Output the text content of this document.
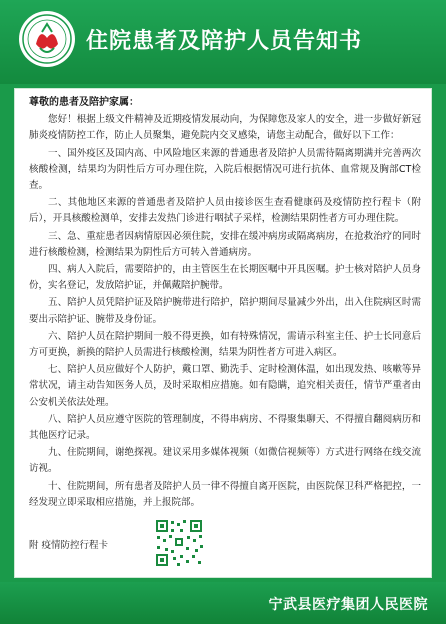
住院患者及陪护人员告知书
尊敬的患者及陪护家属：

您好！根据上级文件精神及近期疫情发展动向，为保障您及家人的安全，进一步做好新冠肺炎疫情防控工作，防止人员聚集，避免院内交叉感染，请您主动配合，做好以下工作：

一、国外疫区及国内高、中风险地区来源的普通患者及陪护人员需待隔离期满并完善两次核酸检测，结果均为阴性后方可办理住院，入院后根据情况可进行抗体、血常规及胸部CT检查。

二、其他地区来源的普通患者及陪护人员由接诊医生查看健康码及疫情防控行程卡（附后），开具核酸检测单，安排去发热门诊进行咽拭子采样，检测结果阴性者方可办理住院。

三、急、重症患者因病情原因必须住院，安排在缓冲病房或隔离病房，在抢救治疗的同时进行核酸检测，检测结果为阴性后方可转入普通病房。

四、病人入院后，需要陪护的，由主管医生在长期医嘱中开具医嘱。护士核对陪护人员身份，实名登记，发放陪护证，并佩戴陪护腕带。

五、陪护人员凭陪护证及陪护腕带进行陪护，陪护期间尽量减少外出，出入住院病区时需要出示陪护证、腕带及身份证。

六、陪护人员在陪护期间一般不得更换，如有特殊情况，需请示科室主任、护士长同意后方可更换，新换的陪护人员需进行核酸检测，结果为阴性者方可进入病区。

七、陪护人员应做好个人防护，戴口罩、勤洗手、定时检测体温，如出现发热、咳嗽等异常状况，请主动告知医务人员，及时采取相应措施。如有隐瞒，追究相关责任，情节严重者由公安机关依法处理。

八、陪护人员应遵守医院的管理制度，不得串病房、不得聚集聊天、不得擅自翻阅病历和其他医疗记录。

九、住院期间，谢绝探视。建议采用多媒体视频（如微信视频等）方式进行网络在线交流访视。

十、住院期间，所有患者及陪护人员一律不得擅自离开医院，由医院保卫科严格把控，一经发现立即采取相应措施，并上报院部。

附 疫情防控行程卡
宁武县医疗集团人民医院
